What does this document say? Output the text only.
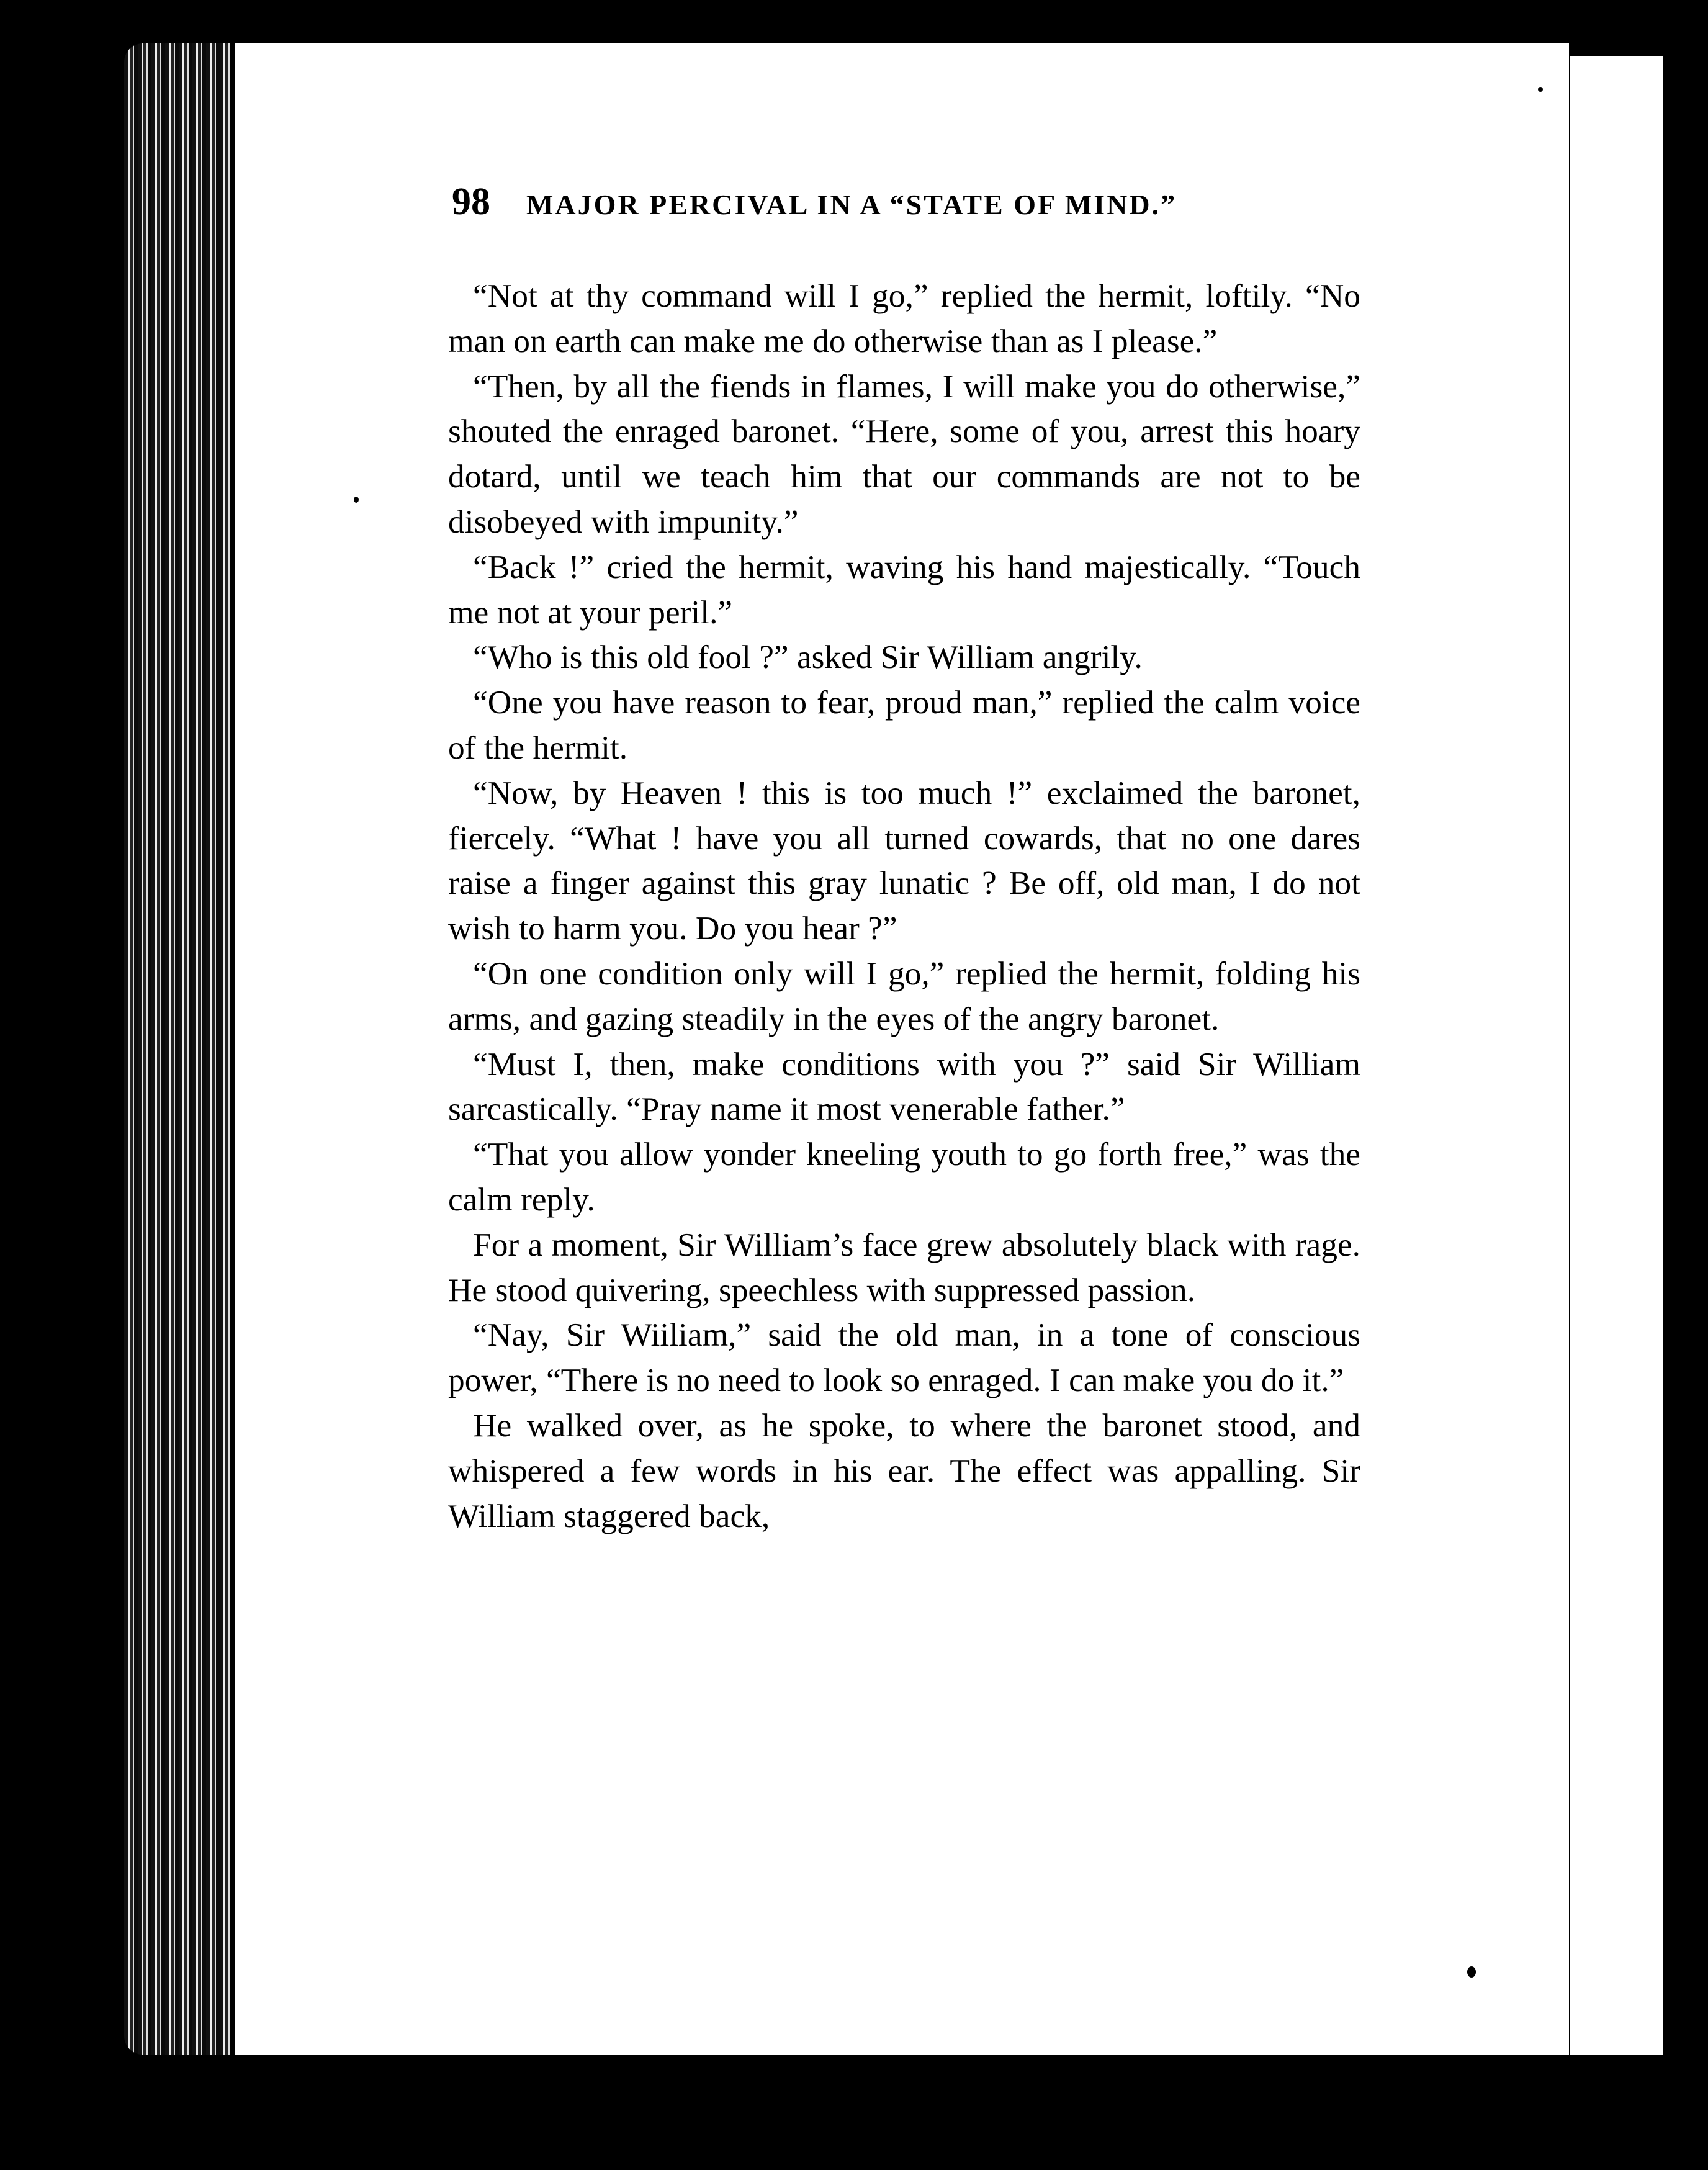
98 MAJOR PERCIVAL IN A “STATE OF MIND.”

“Not at thy command will I go,” replied the hermit, loftily. “No man on earth can make me do otherwise than as I please.”

“Then, by all the fiends in flames, I will make you do otherwise,” shouted the enraged baronet. “Here, some of you, arrest this hoary dotard, until we teach him that our commands are not to be disobeyed with impunity.”

“Back !” cried the hermit, waving his hand majestically. “Touch me not at your peril.”

“Who is this old fool ?” asked Sir William angrily.

“One you have reason to fear, proud man,” replied the calm voice of the hermit.

“Now, by Heaven ! this is too much !” exclaimed the baronet, fiercely. “What ! have you all turned cowards, that no one dares raise a finger against this gray lunatic ? Be off, old man, I do not wish to harm you. Do you hear ?”

“On one condition only will I go,” replied the hermit, folding his arms, and gazing steadily in the eyes of the angry baronet.

“Must I, then, make conditions with you ?” said Sir William sarcastically. “Pray name it most venerable father.”

“That you allow yonder kneeling youth to go forth free,” was the calm reply.

For a moment, Sir William’s face grew absolutely black with rage. He stood quivering, speechless with suppressed passion.

“Nay, Sir Wiiliam,” said the old man, in a tone of conscious power, “There is no need to look so enraged. I can make you do it.”

He walked over, as he spoke, to where the baronet stood, and whispered a few words in his ear. The effect was appalling. Sir William staggered back,
